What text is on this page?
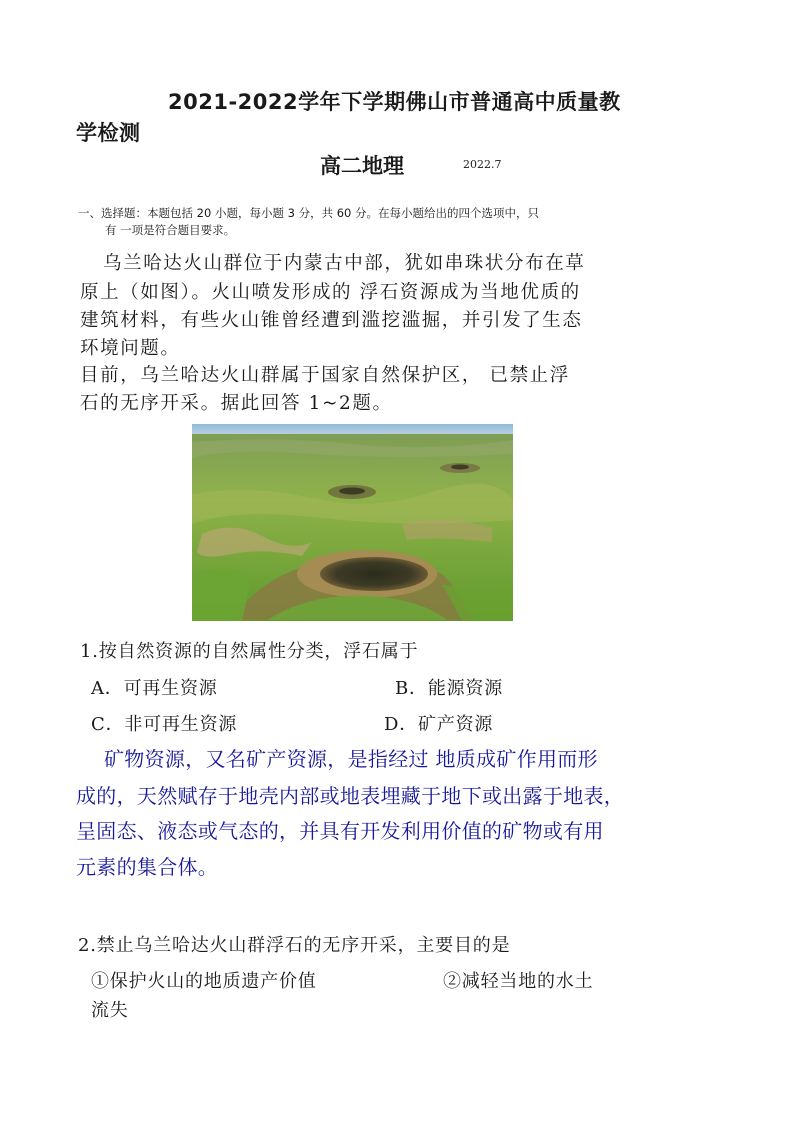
2021-2022学年下学期佛山市普通高中质量教
学检测
高二地理	2022.7
一、选择题：本题包括 20 小题，每小题 3 分，共 60 分。在每小题给出的四个选项中，只
有 一项是符合题目要求。
乌兰哈达火山群位于内蒙古中部，犹如串珠状分布在草
原上（如图）。火山喷发形成的 浮石资源成为当地优质的
建筑材料，有些火山锥曾经遭到滥挖滥掘，并引发了生态
环境问题。
目前，乌兰哈达火山群属于国家自然保护区， 已禁止浮
石的无序开采。据此回答 1~2题。
1.按自然资源的自然属性分类，浮石属于
A．可再生资源	B．能源资源
C．非可再生资源	D．矿产资源
矿物资源，又名矿产资源，是指经过 地质成矿作用而形
成的，天然赋存于地壳内部或地表埋藏于地下或出露于地表，
呈固态、液态或气态的，并具有开发利用价值的矿物或有用
元素的集合体。
2.禁止乌兰哈达火山群浮石的无序开采，主要目的是
①保护火山的地质遗产价值	②减轻当地的水土
流失
